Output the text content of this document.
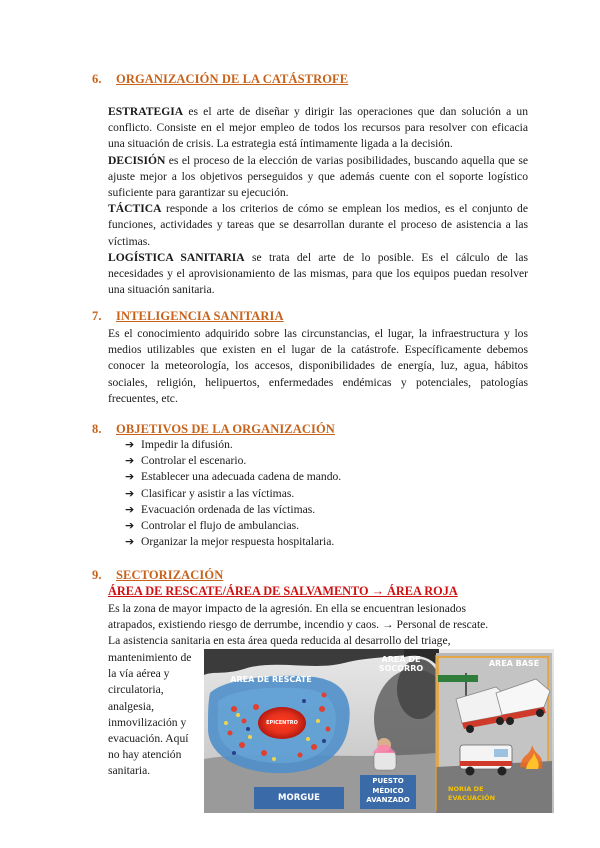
6. ORGANIZACIÓN DE LA CATÁSTROFE
ESTRATEGIA es el arte de diseñar y dirigir las operaciones que dan solución a un conflicto. Consiste en el mejor empleo de todos los recursos para resolver con eficacia una situación de crisis. La estrategia está íntimamente ligada a la decisión.
DECISIÓN es el proceso de la elección de varias posibilidades, buscando aquella que se ajuste mejor a los objetivos perseguidos y que además cuente con el soporte logístico suficiente para garantizar su ejecución.
TÁCTICA responde a los criterios de cómo se emplean los medios, es el conjunto de funciones, actividades y tareas que se desarrollan durante el proceso de asistencia a las víctimas.
LOGÍSTICA SANITARIA se trata del arte de lo posible. Es el cálculo de las necesidades y el aprovisionamiento de las mismas, para que los equipos puedan resolver una situación sanitaria.
7. INTELIGENCIA SANITARIA
Es el conocimiento adquirido sobre las circunstancias, el lugar, la infraestructura y los medios utilizables que existen en el lugar de la catástrofe. Específicamente debemos conocer la meteorología, los accesos, disponibilidades de energía, luz, agua, hábitos sociales, religión, helipuertos, enfermedades endémicas y potenciales, patologías frecuentes, etc.
8. OBJETIVOS DE LA ORGANIZACIÓN
➔ Impedir la difusión.
➔ Controlar el escenario.
➔ Establecer una adecuada cadena de mando.
➔ Clasificar y asistir a las víctimas.
➔ Evacuación ordenada de las víctimas.
➔ Controlar el flujo de ambulancias.
➔ Organizar la mejor respuesta hospitalaria.
9. SECTORIZACIÓN
ÁREA DE RESCATE/ÁREA DE SALVAMENTO → ÁREA ROJA
Es la zona de mayor impacto de la agresión. En ella se encuentran lesionados
atrapados, existiendo riesgo de derrumbe, incendio y caos. → Personal de rescate.
La asistencia sanitaria en esta área queda reducida al desarrollo del triage,
mantenimiento de
la vía aérea y
circulatoria,
analgesia,
inmovilización y
evacuación. Aquí
no hay atención
sanitaria.
AREA DE SOCORRO
AREA BASE
AREA DE RESCATE
EPICENTRO
MORGUE
PUESTO
MÉDICO
AVANZADO
NORIA DE
EVACUACIÓN
